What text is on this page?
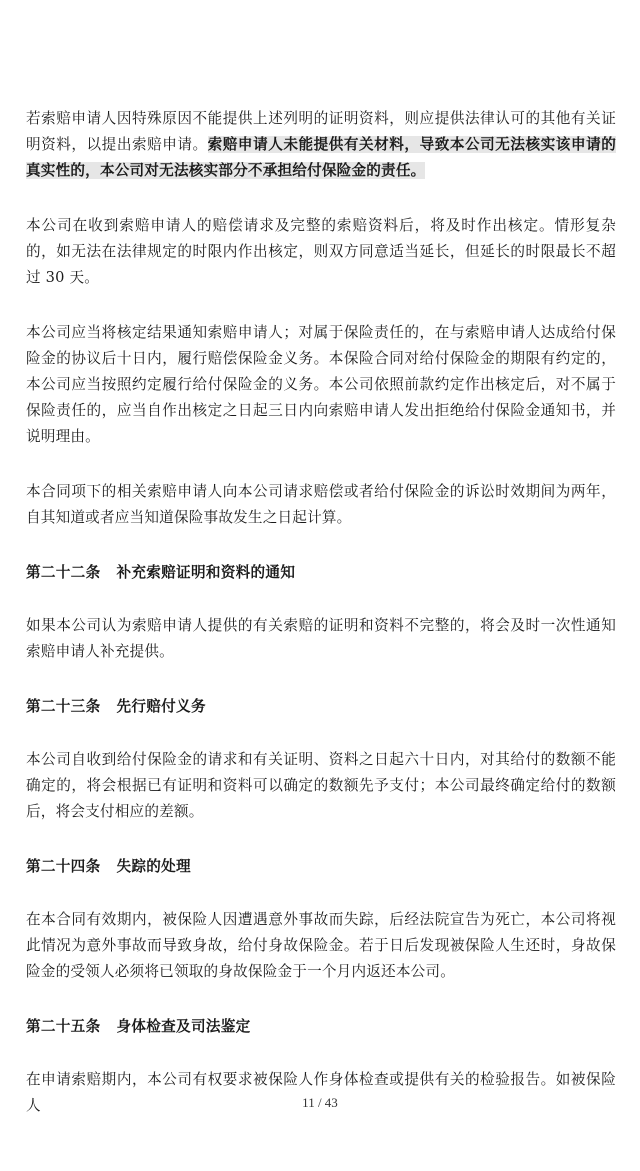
若索赔申请人因特殊原因不能提供上述列明的证明资料，则应提供法律认可的其他有关证明资料，以提出索赔申请。索赔申请人未能提供有关材料，导致本公司无法核实该申请的真实性的，本公司对无法核实部分不承担给付保险金的责任。

本公司在收到索赔申请人的赔偿请求及完整的索赔资料后，将及时作出核定。情形复杂的，如无法在法律规定的时限内作出核定，则双方同意适当延长，但延长的时限最长不超过 30 天。

本公司应当将核定结果通知索赔申请人；对属于保险责任的，在与索赔申请人达成给付保险金的协议后十日内，履行赔偿保险金义务。本保险合同对给付保险金的期限有约定的，本公司应当按照约定履行给付保险金的义务。本公司依照前款约定作出核定后，对不属于保险责任的，应当自作出核定之日起三日内向索赔申请人发出拒绝给付保险金通知书，并说明理由。

本合同项下的相关索赔申请人向本公司请求赔偿或者给付保险金的诉讼时效期间为两年，自其知道或者应当知道保险事故发生之日起计算。

第二十二条 补充索赔证明和资料的通知

如果本公司认为索赔申请人提供的有关索赔的证明和资料不完整的，将会及时一次性通知索赔申请人补充提供。

第二十三条 先行赔付义务

本公司自收到给付保险金的请求和有关证明、资料之日起六十日内，对其给付的数额不能确定的，将会根据已有证明和资料可以确定的数额先予支付；本公司最终确定给付的数额后，将会支付相应的差额。

第二十四条 失踪的处理

在本合同有效期内，被保险人因遭遇意外事故而失踪，后经法院宣告为死亡，本公司将视此情况为意外事故而导致身故，给付身故保险金。若于日后发现被保险人生还时，身故保险金的受领人必须将已领取的身故保险金于一个月内返还本公司。

第二十五条 身体检查及司法鉴定

在申请索赔期内，本公司有权要求被保险人作身体检查或提供有关的检验报告。如被保险人	11 / 43
